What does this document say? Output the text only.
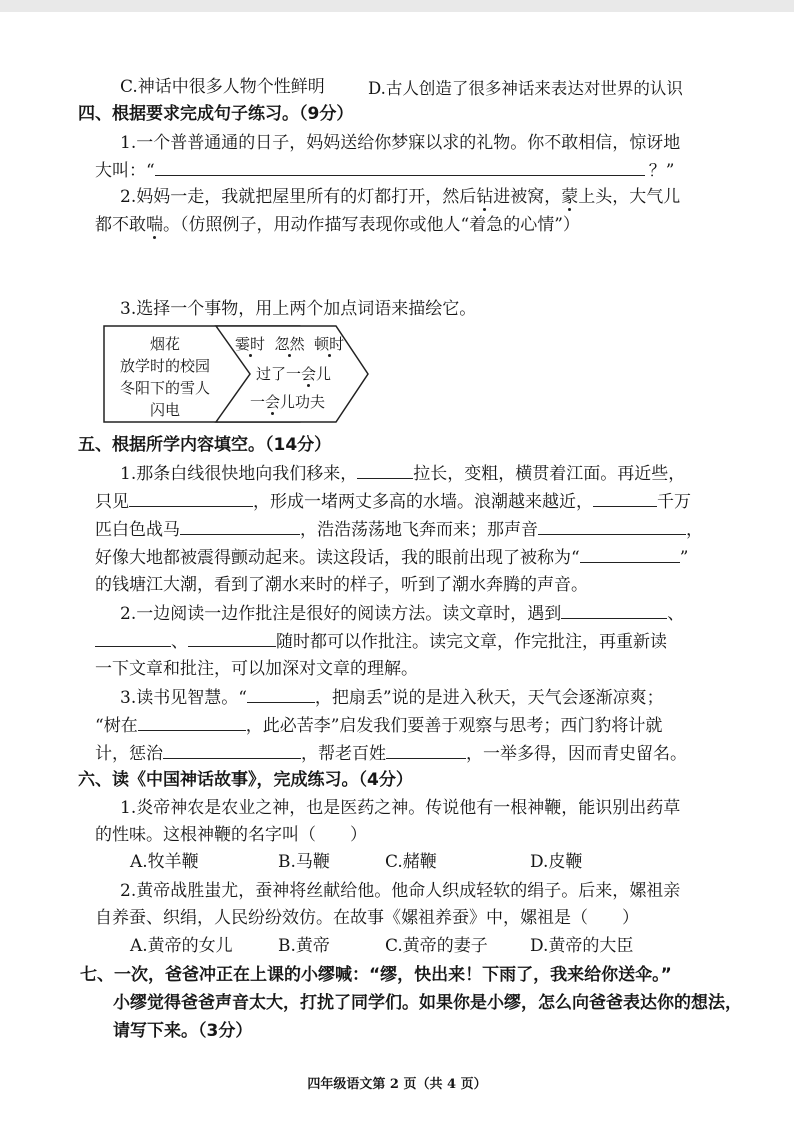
C.神话中很多人物个性鲜明	D.古人创造了很多神话来表达对世界的认识
四、根据要求完成句子练习。（9分）
1.一个普普通通的日子，妈妈送给你梦寐以求的礼物。你不敢相信，惊讶地
大叫：“	？”
2.妈妈一走，我就把屋里所有的灯都打开，然后钻进被窝，蒙上头，大气儿
都不敢喘。（仿照例子，用动作描写表现你或他人“着急的心情”）
3.选择一个事物，用上两个加点词语来描绘它。
烟花
放学时的校园
冬阳下的雪人
闪电
霎时 忽然 顿时
过了一会儿
一会儿功夫
五、根据所学内容填空。（14分）
1.那条白线很快地向我们移来，	拉长，变粗，横贯着江面。再近些，
只见	，形成一堵两丈多高的水墙。浪潮越来越近，	千万
匹白色战马	，浩浩荡荡地飞奔而来；那声音	，
好像大地都被震得颤动起来。读这段话，我的眼前出现了被称为“	”
的钱塘江大潮，看到了潮水来时的样子，听到了潮水奔腾的声音。
2.一边阅读一边作批注是很好的阅读方法。读文章时，遇到	、
、	随时都可以作批注。读完文章，作完批注，再重新读
一下文章和批注，可以加深对文章的理解。
3.读书见智慧。“	，把扇丢”说的是进入秋天，天气会逐渐凉爽；
“树在	，此必苦李”启发我们要善于观察与思考；西门豹将计就
计，惩治	，帮老百姓	，一举多得，因而青史留名。
六、读《中国神话故事》，完成练习。（4分）
1.炎帝神农是农业之神，也是医药之神。传说他有一根神鞭，能识别出药草
的性味。这根神鞭的名字叫（　　）
A.牧羊鞭	B.马鞭	C.赭鞭	D.皮鞭
2.黄帝战胜蚩尤，蚕神将丝献给他。他命人织成轻软的绢子。后来，嫘祖亲
自养蚕、织绢，人民纷纷效仿。在故事《嫘祖养蚕》中，嫘祖是（　　）
A.黄帝的女儿	B.黄帝	C.黄帝的妻子 D.黄帝的大臣
七、一次，爸爸冲正在上课的小缪喊：“缪，快出来！下雨了，我来给你送伞。”
小缪觉得爸爸声音太大，打扰了同学们。如果你是小缪，怎么向爸爸表达你的想法，
请写下来。（3分）
四年级语文第 2 页（共 4 页）
